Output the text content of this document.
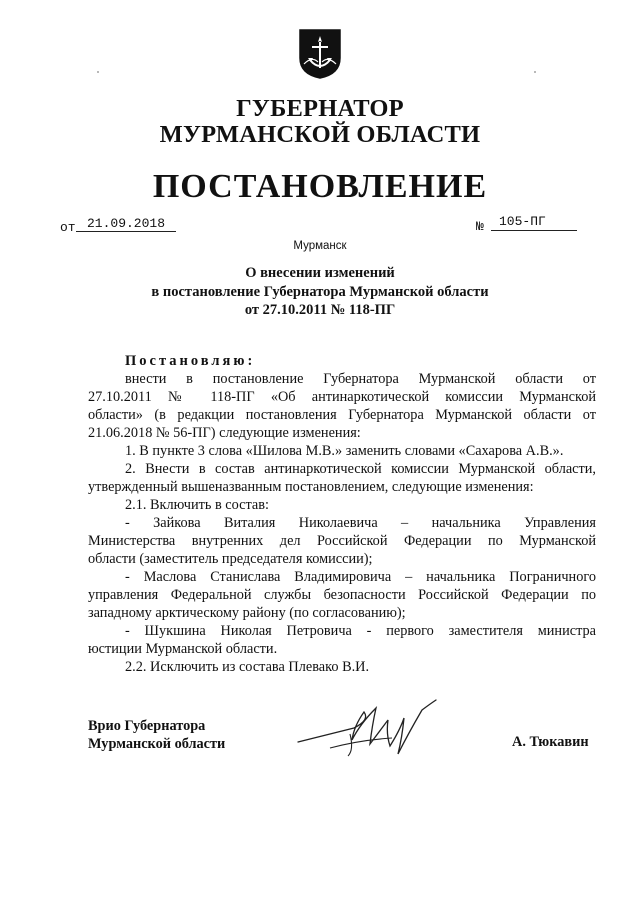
ГУБЕРНАТОР
МУРМАНСКОЙ ОБЛАСТИ
ПОСТАНОВЛЕНИЕ
от 21.09.2018	№	105-ПГ
Мурманск
О внесении изменений
в постановление Губернатора Мурманской области
от 27.10.2011 № 118-ПГ
Постановляю:
внести в постановление Губернатора Мурманской области от
27.10.2011 № 118-ПГ «Об антинаркотической комиссии Мурманской
области» (в редакции постановления Губернатора Мурманской области от
21.06.2018 № 56-ПГ) следующие изменения:
1. В пункте 3 слова «Шилова М.В.» заменить словами «Сахарова А.В.».
2. Внести в состав антинаркотической комиссии Мурманской области,
утвержденный вышеназванным постановлением, следующие изменения:
2.1. Включить в состав:
- Зайкова Виталия Николаевича – начальника Управления
Министерства внутренних дел Российской Федерации по Мурманской
области (заместитель председателя комиссии);
- Маслова Станислава Владимировича – начальника Пограничного
управления Федеральной службы безопасности Российской Федерации по
западному арктическому району (по согласованию);
- Шукшина Николая Петровича - первого заместителя министра
юстиции Мурманской области.
2.2. Исключить из состава Плевако В.И.
Врио Губернатора
Мурманской области	А. Тюкавин
